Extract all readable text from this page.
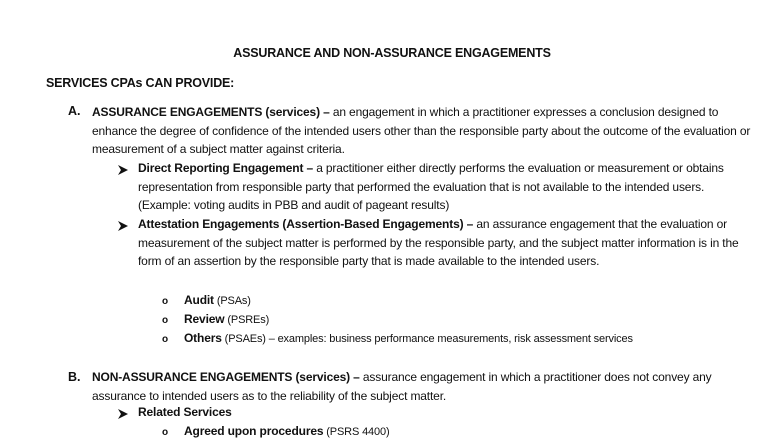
ASSURANCE AND NON-ASSURANCE ENGAGEMENTS
SERVICES CPAs CAN PROVIDE:
A. ASSURANCE ENGAGEMENTS (services) – an engagement in which a practitioner expresses a conclusion designed to enhance the degree of confidence of the intended users other than the responsible party about the outcome of the evaluation or measurement of a subject matter against criteria.
Direct Reporting Engagement – a practitioner either directly performs the evaluation or measurement or obtains representation from responsible party that performed the evaluation that is not available to the intended users. (Example: voting audits in PBB and audit of pageant results)
Attestation Engagements (Assertion-Based Engagements) – an assurance engagement that the evaluation or measurement of the subject matter is performed by the responsible party, and the subject matter information is in the form of an assertion by the responsible party that is made available to the intended users.
o Audit (PSAs)
o Review (PSREs)
o Others (PSAEs) – examples: business performance measurements, risk assessment services
B. NON-ASSURANCE ENGAGEMENTS (services) – assurance engagement in which a practitioner does not convey any assurance to intended users as to the reliability of the subject matter.
Related Services
o Agreed upon procedures (PSRS 4400)
